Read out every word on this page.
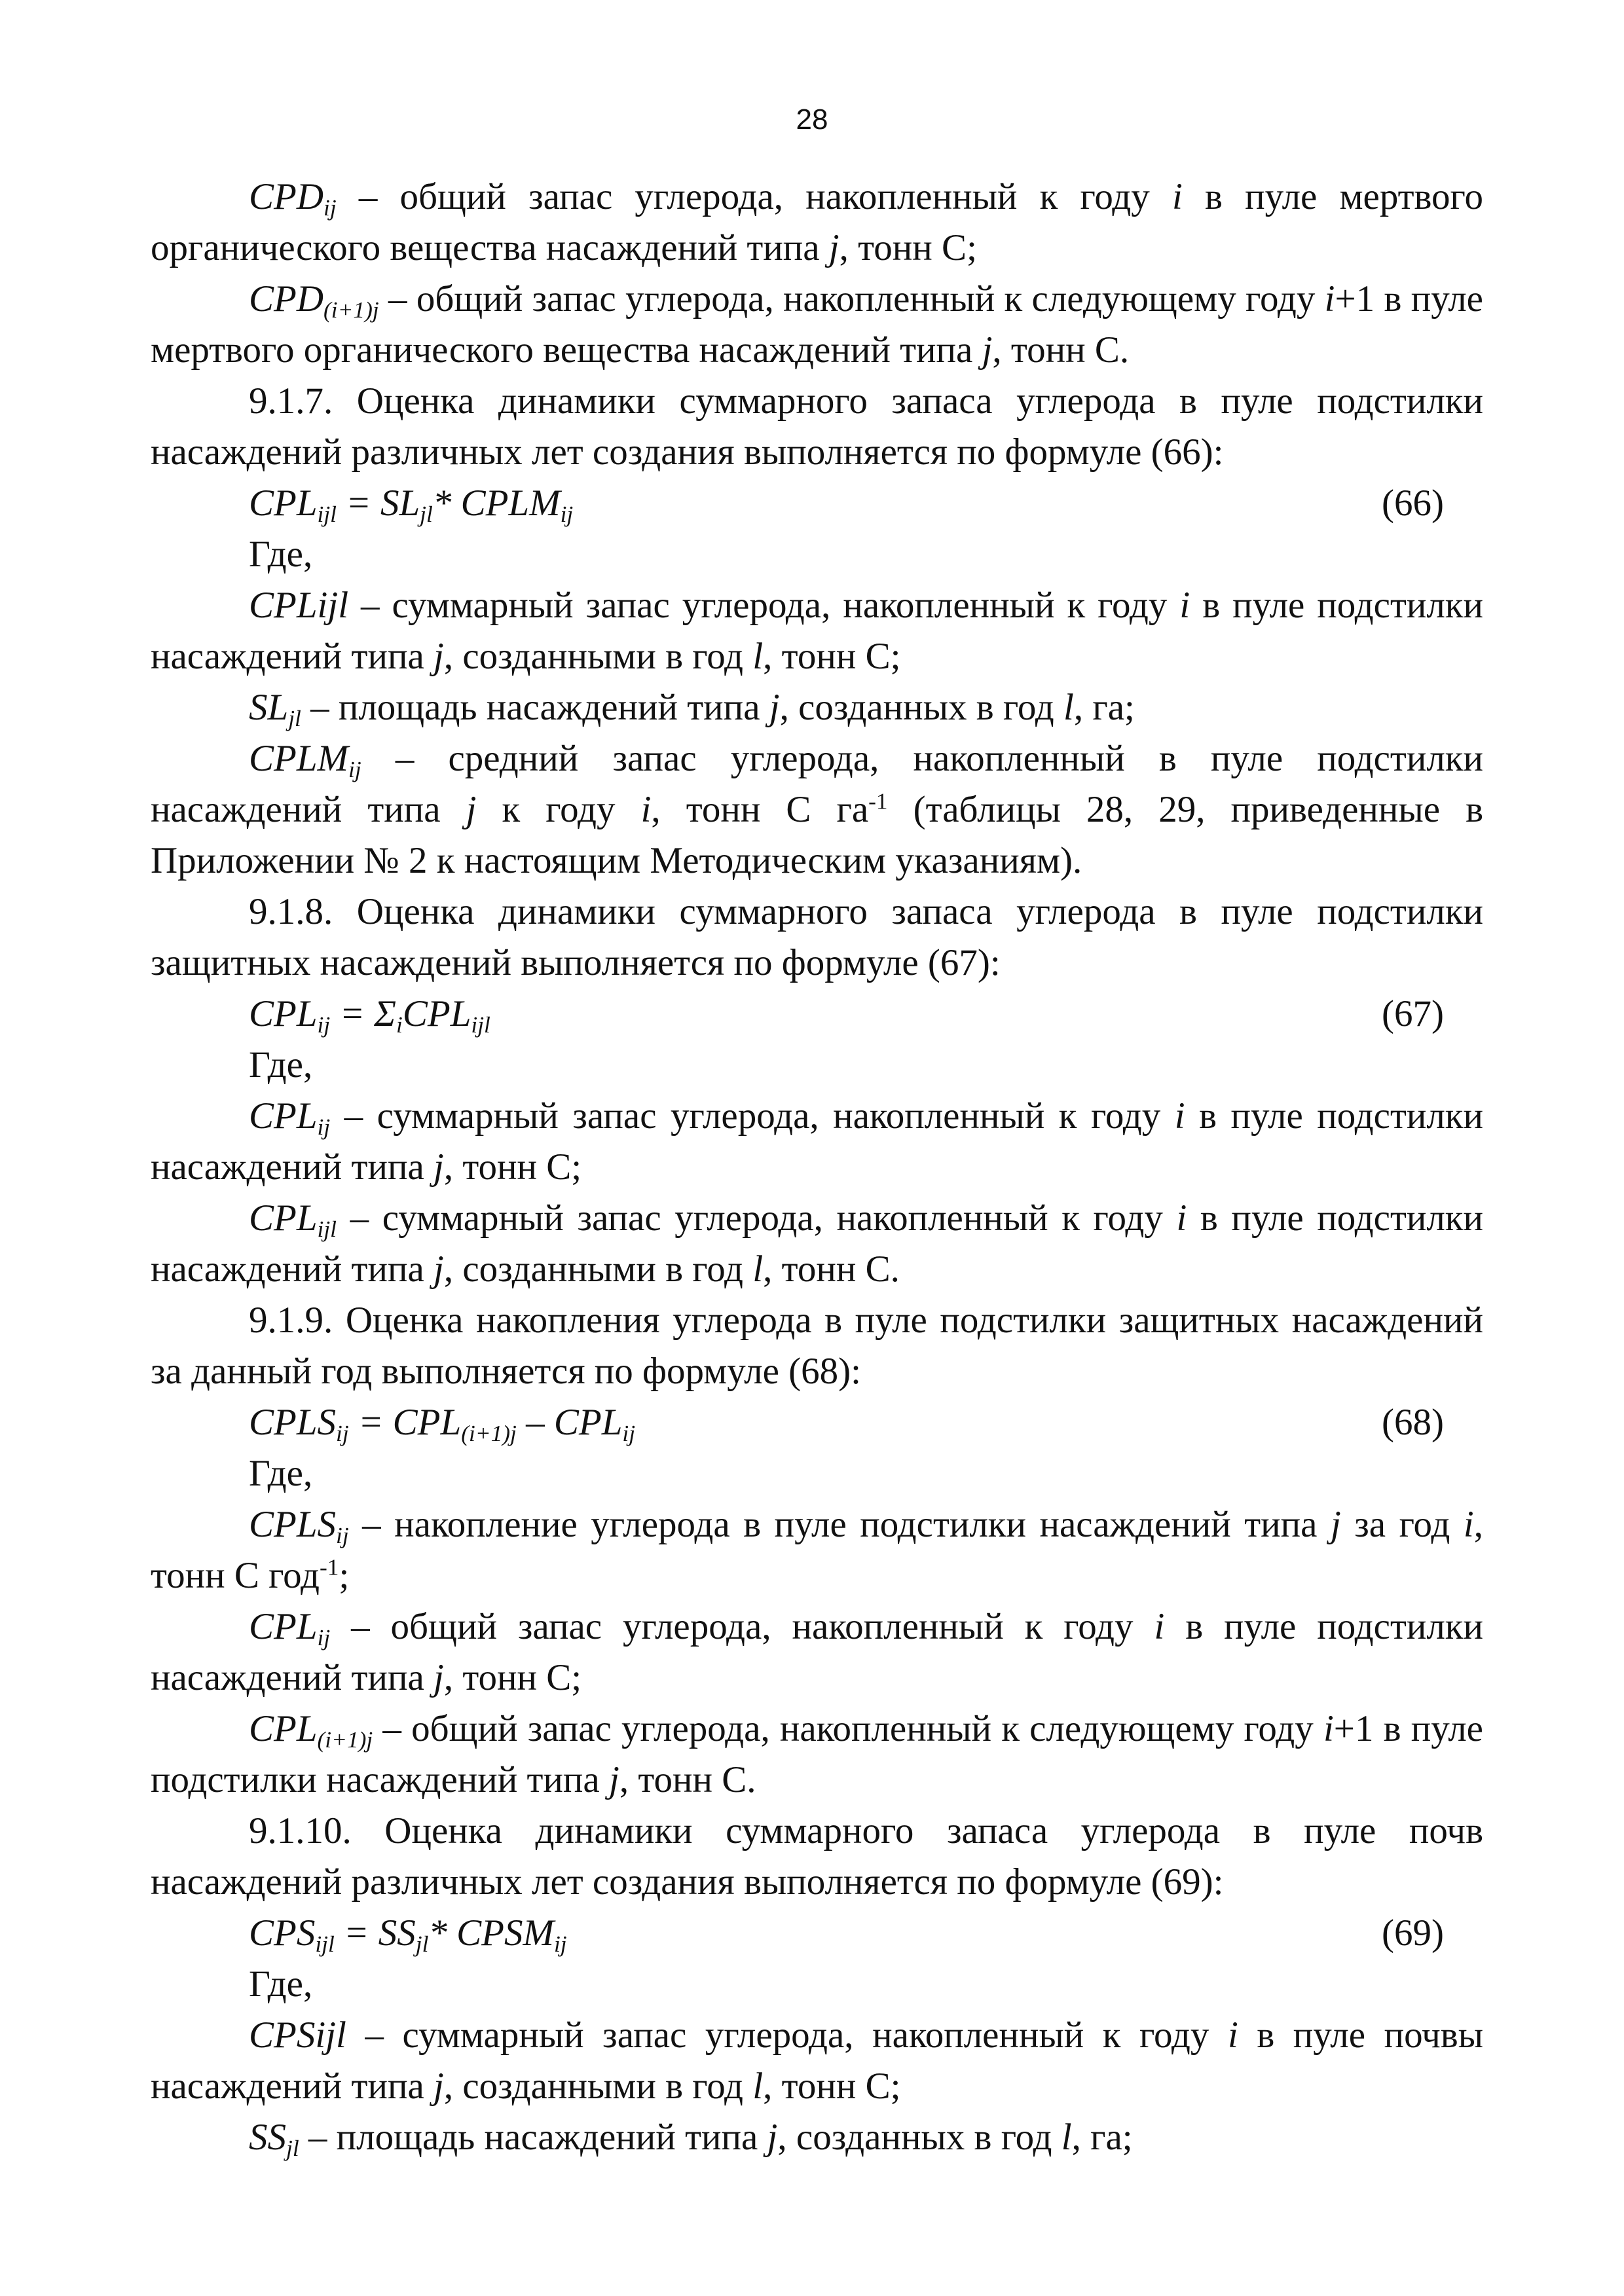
28

$CPD_{ij}$ – общий запас углерода, накопленный к году i в пуле мертвого органического вещества насаждений типа j, тонн С;

$CPD_{(i+1)j}$ – общий запас углерода, накопленный к следующему году i+1 в пуле мертвого органического вещества насаждений типа j, тонн С.

9.1.7. Оценка динамики суммарного запаса углерода в пуле подстилки насаждений различных лет создания выполняется по формуле (66):

$CPL_{ijl} = SL_{jl}*$ $CPLM_{ij}$	(66)
Где,

CPLijl – суммарный запас углерода, накопленный к году i в пуле подстилки насаждений типа j, созданными в год l, тонн С;

$SL_{jl}$ – площадь насаждений типа j, созданных в год l, га;

$CPLM_{ij}$ – средний запас углерода, накопленный в пуле подстилки насаждений типа j к году i, тонн С $га^{-1}$ (таблицы 28, 29, приведенные в Приложении № 2 к настоящим Методическим указаниям).

9.1.8. Оценка динамики суммарного запаса углерода в пуле подстилки защитных насаждений выполняется по формуле (67):

$CPL_{ij} = \Sigma_iCPL_{ijl}$	(67)
Где,

$CPL_{ij}$ – суммарный запас углерода, накопленный к году i в пуле подстилки насаждений типа j, тонн С;

$CPL_{ijl}$ – суммарный запас углерода, накопленный к году i в пуле подстилки насаждений типа j, созданными в год l, тонн С.

9.1.9. Оценка накопления углерода в пуле подстилки защитных насаждений за данный год выполняется по формуле (68):

$CPLS_{ij} = CPL_{(i+1)j} - CPL_{ij}$	(68)
Где,

$CPLS_{ij}$ – накопление углерода в пуле подстилки насаждений типа j за год i, тонн С год$^{-1}$;

$CPL_{ij}$ – общий запас углерода, накопленный к году i в пуле подстилки насаждений типа j, тонн С;

$CPL_{(i+1)j}$ – общий запас углерода, накопленный к следующему году i+1 в пуле подстилки насаждений типа j, тонн С.

9.1.10. Оценка динамики суммарного запаса углерода в пуле почв насаждений различных лет создания выполняется по формуле (69):

$CPS_{ijl} = SS_{jl}*$ $CPSM_{ij}$	(69)
Где,

CPSijl – суммарный запас углерода, накопленный к году i в пуле почвы насаждений типа j, созданными в год l, тонн С;

$SS_{jl}$ – площадь насаждений типа j, созданных в год l, га;
